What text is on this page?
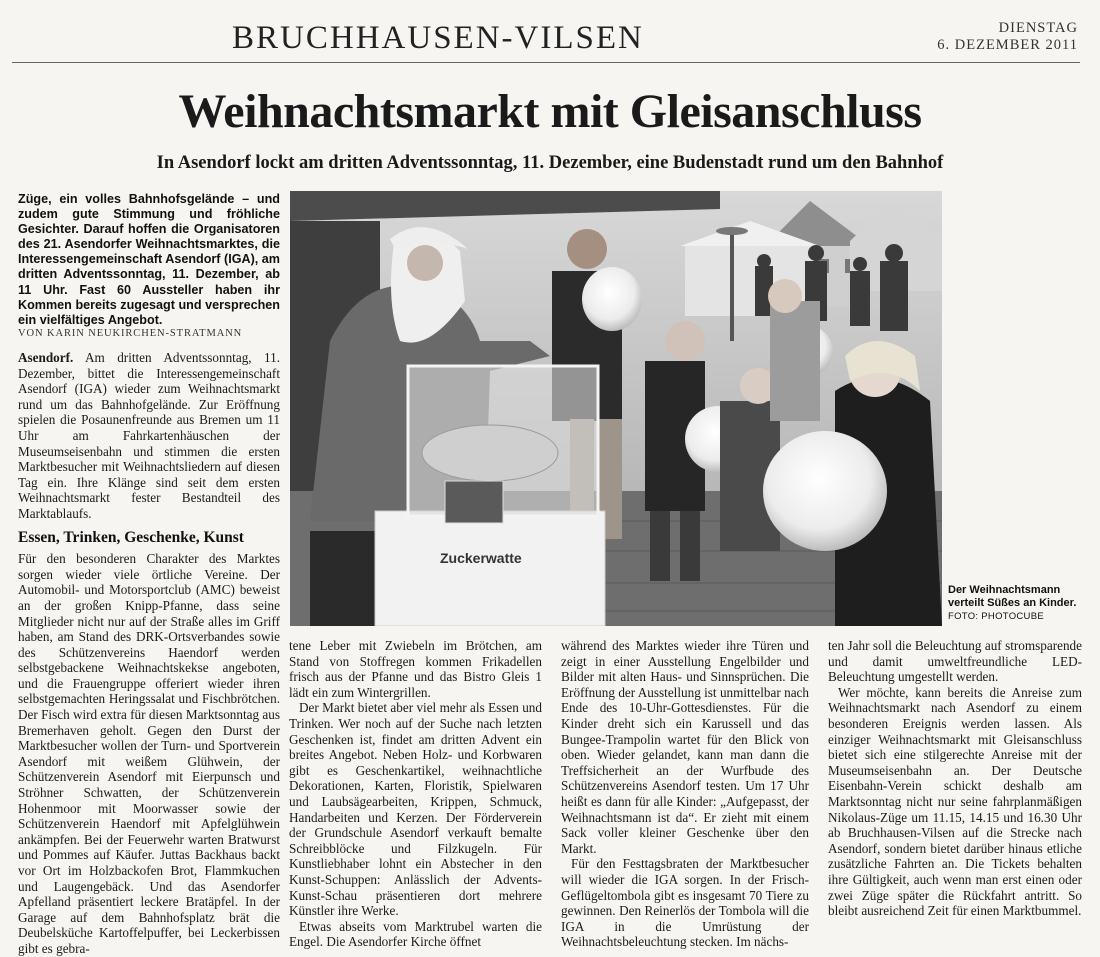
BRUCHHAUSEN-VILSEN	DIENSTAG
6. DEZEMBER 2011
Weihnachtsmarkt mit Gleisanschluss
In Asendorf lockt am dritten Adventssonntag, 11. Dezember, eine Budenstadt rund um den Bahnhof
Züge, ein volles Bahnhofsgelände – und zudem gute Stimmung und fröhliche Gesichter. Darauf hoffen die Organisatoren des 21. Asendorfer Weihnachtsmarktes, die Interessengemeinschaft Asendorf (IGA), am dritten Adventssonntag, 11. Dezember, ab 11 Uhr. Fast 60 Aussteller haben ihr Kommen bereits zugesagt und versprechen ein vielfältiges Angebot.
VON KARIN NEUKIRCHEN-STRATMANN

Asendorf. Am dritten Adventssonntag, 11. Dezember, bittet die Interessengemeinschaft Asendorf (IGA) wieder zum Weihnachtsmarkt rund um das Bahnhofgelände. Zur Eröffnung spielen die Posaunenfreunde aus Bremen um 11 Uhr am Fahrkartenhäuschen der Museumseisenbahn und stimmen die ersten Marktbesucher mit Weihnachtsliedern auf diesen Tag ein. Ihre Klänge sind seit dem ersten Weihnachtsmarkt fester Bestandteil des Marktablaufs.

Essen, Trinken, Geschenke, Kunst

Für den besonderen Charakter des Marktes sorgen wieder viele örtliche Vereine. Der Automobil- und Motorsportclub (AMC) beweist an der großen Knipp-Pfanne, dass seine Mitglieder nicht nur auf der Straße alles im Griff haben, am Stand des DRK-Ortsverbandes sowie des Schützenvereins Haendorf werden selbstgebackene Weihnachtskekse angeboten, und die Frauengruppe offeriert wieder ihren selbstgemachten Heringssalat und Fischbrötchen. Der Fisch wird extra für diesen Marktsonntag aus Bremerhaven geholt. Gegen den Durst der Marktbesucher wollen der Turn- und Sportverein Asendorf mit weißem Glühwein, der Schützenverein Asendorf mit Eierpunsch und Ströhner Schwatten, der Schützenverein Hohenmoor mit Moorwasser sowie der Schützenverein Haendorf mit Apfelglühwein ankämpfen. Bei der Feuerwehr warten Bratwurst und Pommes auf Käufer. Juttas Backhaus backt vor Ort im Holzbackofen Brot, Flammkuchen und Laugengebäck. Und das Asendorfer Apfelland präsentiert leckere Bratäpfel. In der Garage auf dem Bahnhofsplatz brät die Deubelsküche Kartoffelpuffer, bei Leckerbissen gibt es gebra-

Zuckerwatte
Der Weihnachtsmann verteilt Süßes an Kinder. FOTO: PHOTOCUBE

tene Leber mit Zwiebeln im Brötchen, am Stand von Stoffregen kommen Frikadellen frisch aus der Pfanne und das Bistro Gleis 1 lädt ein zum Wintergrillen.

Der Markt bietet aber viel mehr als Essen und Trinken. Wer noch auf der Suche nach letzten Geschenken ist, findet am dritten Advent ein breites Angebot. Neben Holz- und Korbwaren gibt es Geschenkartikel, weihnachtliche Dekorationen, Karten, Floristik, Spielwaren und Laubsägearbeiten, Krippen, Schmuck, Handarbeiten und Kerzen. Der Förderverein der Grundschule Asendorf verkauft bemalte Schreibblöcke und Filzkugeln. Für Kunstliebhaber lohnt ein Abstecher in den Kunst-Schuppen: Anlässlich der Advents-Kunst-Schau präsentieren dort mehrere Künstler ihre Werke.

Etwas abseits vom Marktrubel warten die Engel. Die Asendorfer Kirche öffnet

während des Marktes wieder ihre Türen und zeigt in einer Ausstellung Engelbilder und Bilder mit alten Haus- und Sinnsprüchen. Die Eröffnung der Ausstellung ist unmittelbar nach Ende des 10-Uhr-Gottesdienstes. Für die Kinder dreht sich ein Karussell und das Bungee-Trampolin wartet für den Blick von oben. Wieder gelandet, kann man dann die Treffsicherheit an der Wurfbude des Schützenvereins Asendorf testen. Um 17 Uhr heißt es dann für alle Kinder: „Aufgepasst, der Weihnachtsmann ist da“. Er zieht mit einem Sack voller kleiner Geschenke über den Markt.

Für den Festtagsbraten der Marktbesucher will wieder die IGA sorgen. In der Frisch-Geflügeltombola gibt es insgesamt 70 Tiere zu gewinnen. Den Reinerlös der Tombola will die IGA in die Umrüstung der Weihnachtsbeleuchtung stecken. Im nächs-

ten Jahr soll die Beleuchtung auf stromsparende und damit umweltfreundliche LED-Beleuchtung umgestellt werden.

Wer möchte, kann bereits die Anreise zum Weihnachtsmarkt nach Asendorf zu einem besonderen Ereignis werden lassen. Als einziger Weihnachtsmarkt mit Gleisanschluss bietet sich eine stilgerechte Anreise mit der Museumseisenbahn an. Der Deutsche Eisenbahn-Verein schickt deshalb am Marktsonntag nicht nur seine fahrplanmäßigen Nikolaus-Züge um 11.15, 14.15 und 16.30 Uhr ab Bruchhausen-Vilsen auf die Strecke nach Asendorf, sondern bietet darüber hinaus etliche zusätzliche Fahrten an. Die Tickets behalten ihre Gültigkeit, auch wenn man erst einen oder zwei Züge später die Rückfahrt antritt. So bleibt ausreichend Zeit für einen Marktbummel.
